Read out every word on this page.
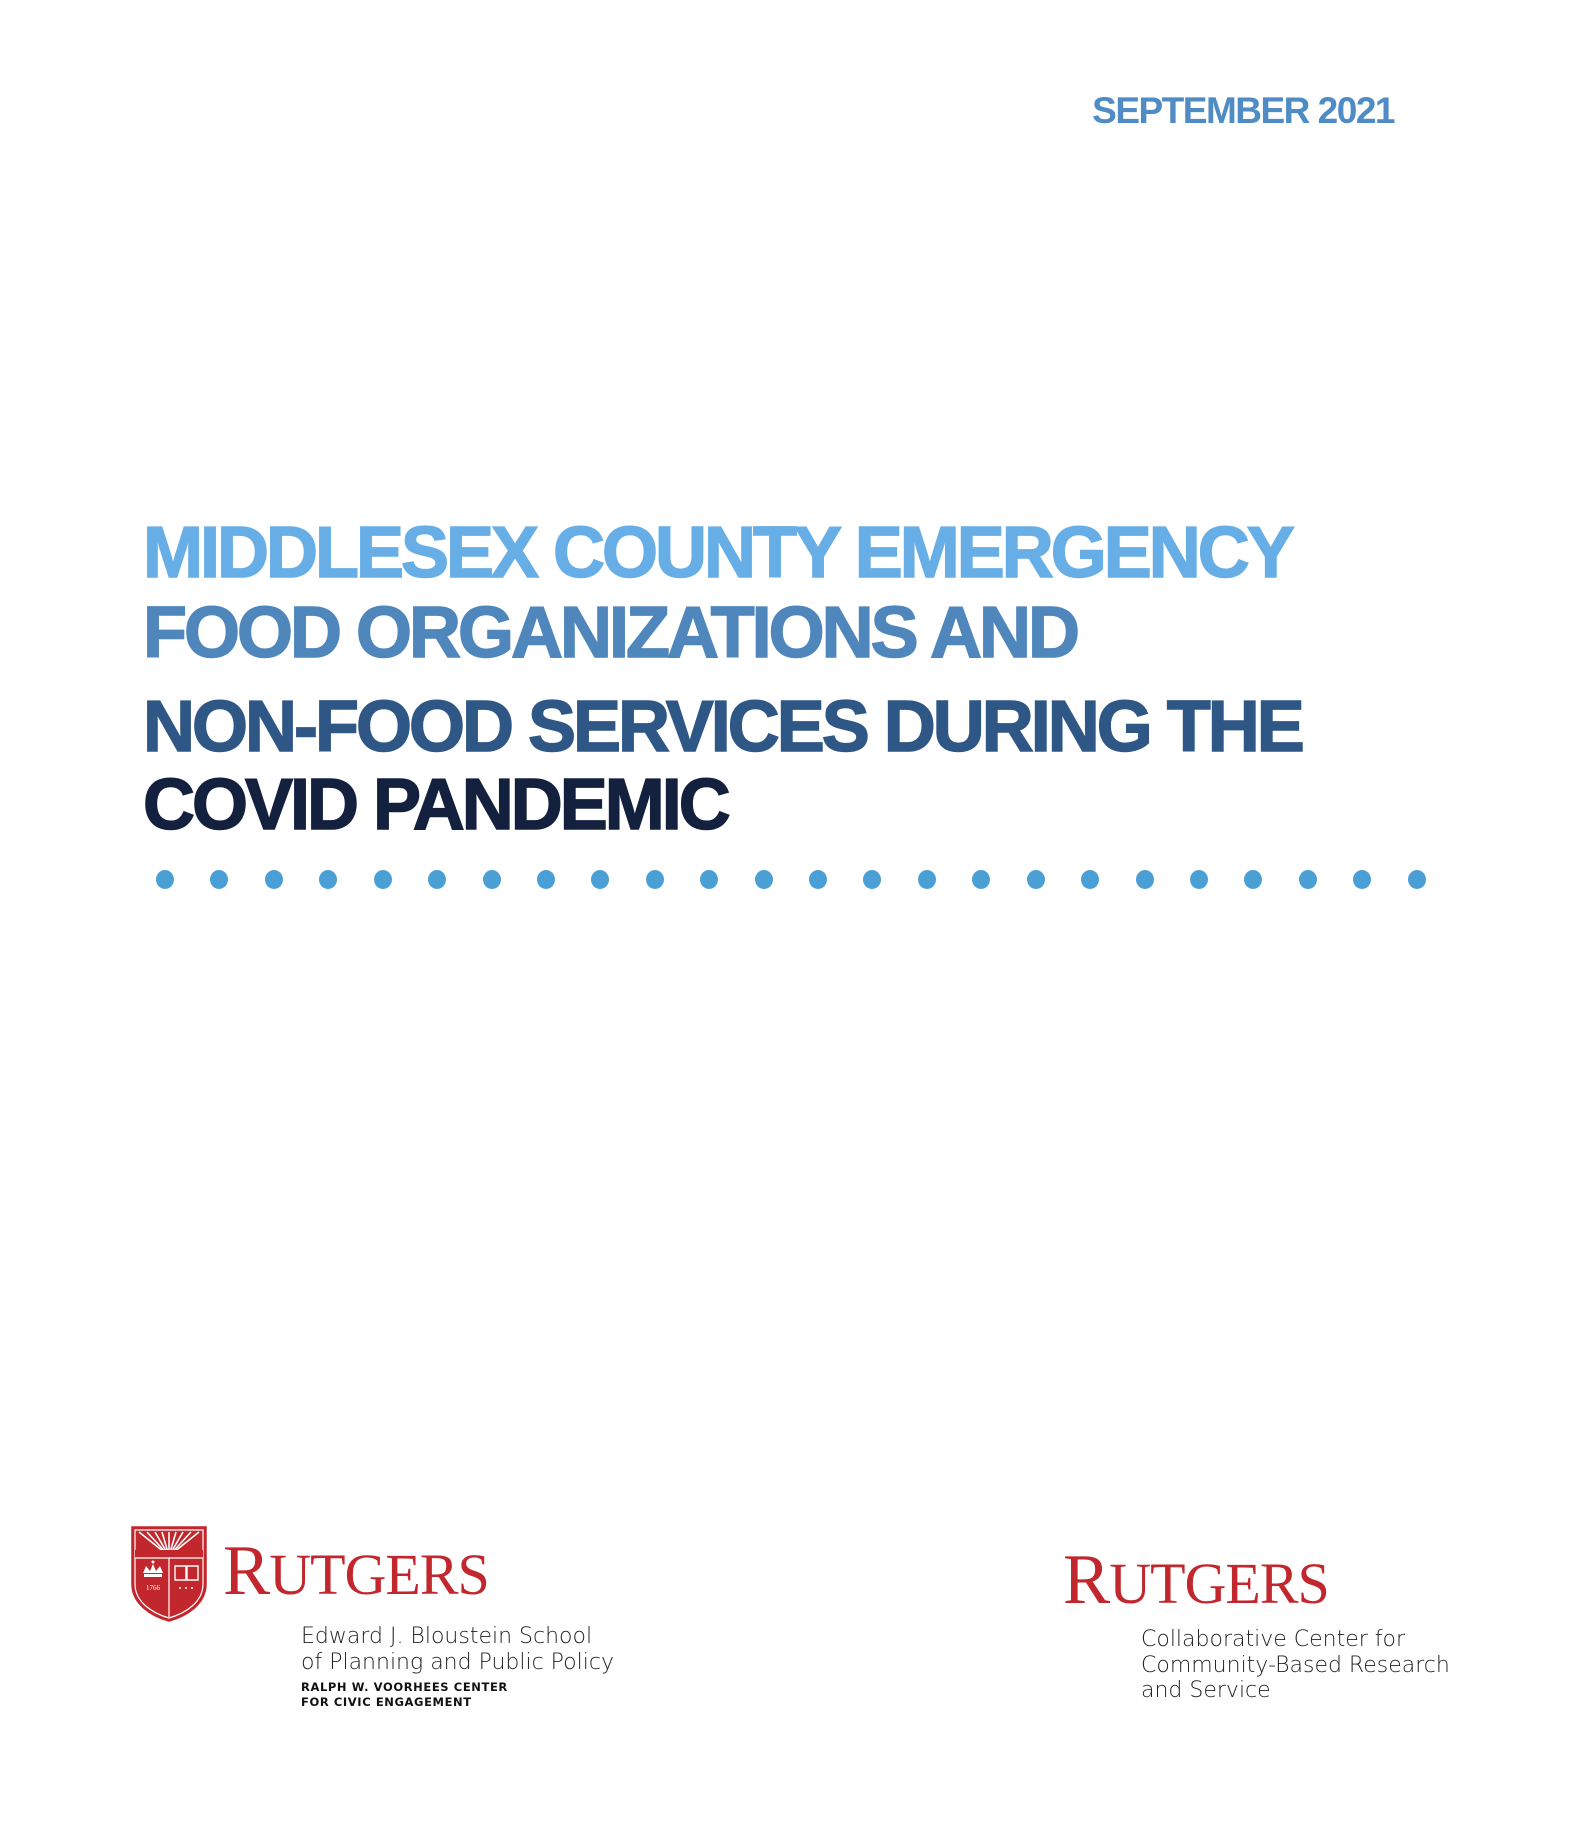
SEPTEMBER 2021
MIDDLESEX COUNTY EMERGENCY
FOOD ORGANIZATIONS AND
NON-FOOD SERVICES DURING THE
COVID PANDEMIC
1766 RUTGERS
Edward J. Bloustein School
of Planning and Public Policy
RALPH W. VOORHEES CENTER
FOR CIVIC ENGAGEMENT
RUTGERS
Collaborative Center for
Community-Based Research
and Service
